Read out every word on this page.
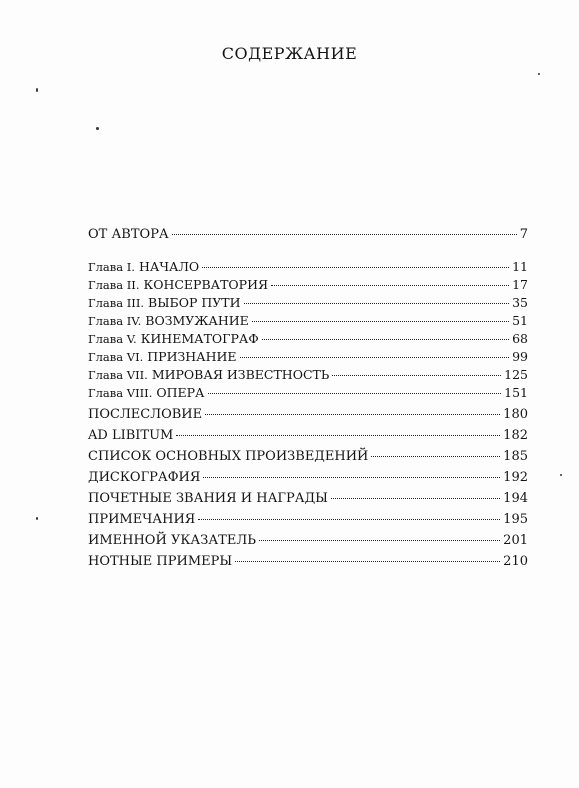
СОДЕРЖАНИЕ
ОТ АВТОРА	7
Глава I. НАЧАЛО	11
Глава II. КОНСЕРВАТОРИЯ	17
Глава III. ВЫБОР ПУТИ	35
Глава IV. ВОЗМУЖАНИЕ	51
Глава V. КИНЕМАТОГРАФ	68
Глава VI. ПРИЗНАНИЕ	99
Глава VII. МИРОВАЯ ИЗВЕСТНОСТЬ	125
Глава VIII. ОПЕРА	151
ПОСЛЕСЛОВИЕ	180
AD LIBITUM	182
СПИСОК ОСНОВНЫХ ПРОИЗВЕДЕНИЙ	185
ДИСКОГРАФИЯ	192
ПОЧЕТНЫЕ ЗВАНИЯ И НАГРАДЫ	194
ПРИМЕЧАНИЯ	195
ИМЕННОЙ УКАЗАТЕЛЬ	201
НОТНЫЕ ПРИМЕРЫ	210
